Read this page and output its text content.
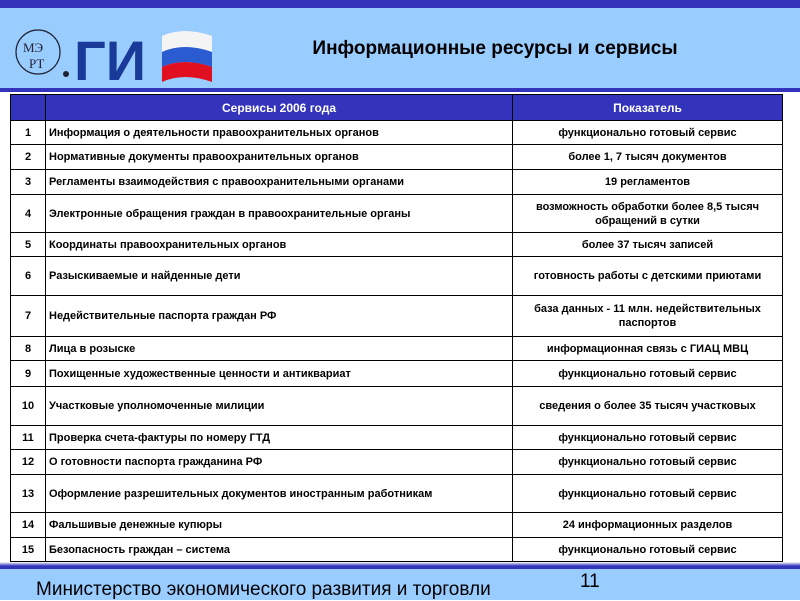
МЭ
РТ ГИ	Информационные ресурсы и сервисы
	Сервисы 2006 года	Показатель
1	Информация о деятельности правоохранительных органов	функционально готовый сервис
2	Нормативные документы правоохранительных органов	более 1, 7 тысяч документов
3	Регламенты взаимодействия с правоохранительными органами	19 регламентов
4	Электронные обращения граждан в правоохранительные органы	возможность обработки более 8,5 тысяч обращений в сутки
5	Координаты правоохранительных органов	более 37 тысяч записей
6	Разыскиваемые и найденные дети	готовность работы с детскими приютами
7	Недействительные паспорта граждан РФ	база данных - 11 млн. недействительных паспортов
8	Лица в розыске	информационная связь с ГИАЦ МВЦ
9	Похищенные художественные ценности и антиквариат	функционально готовый сервис
10	Участковые уполномоченные милиции	сведения о более 35 тысяч участковых
11	Проверка счета-фактуры по номеру ГТД	функционально готовый сервис
12	О готовности паспорта гражданина РФ	функционально готовый сервис
13	Оформление разрешительных документов иностранным работникам	функционально готовый сервис
14	Фальшивые денежные купюры	24 информационных разделов
15	Безопасность граждан – система	функционально готовый сервис
Министерство экономического развития и торговли	11
